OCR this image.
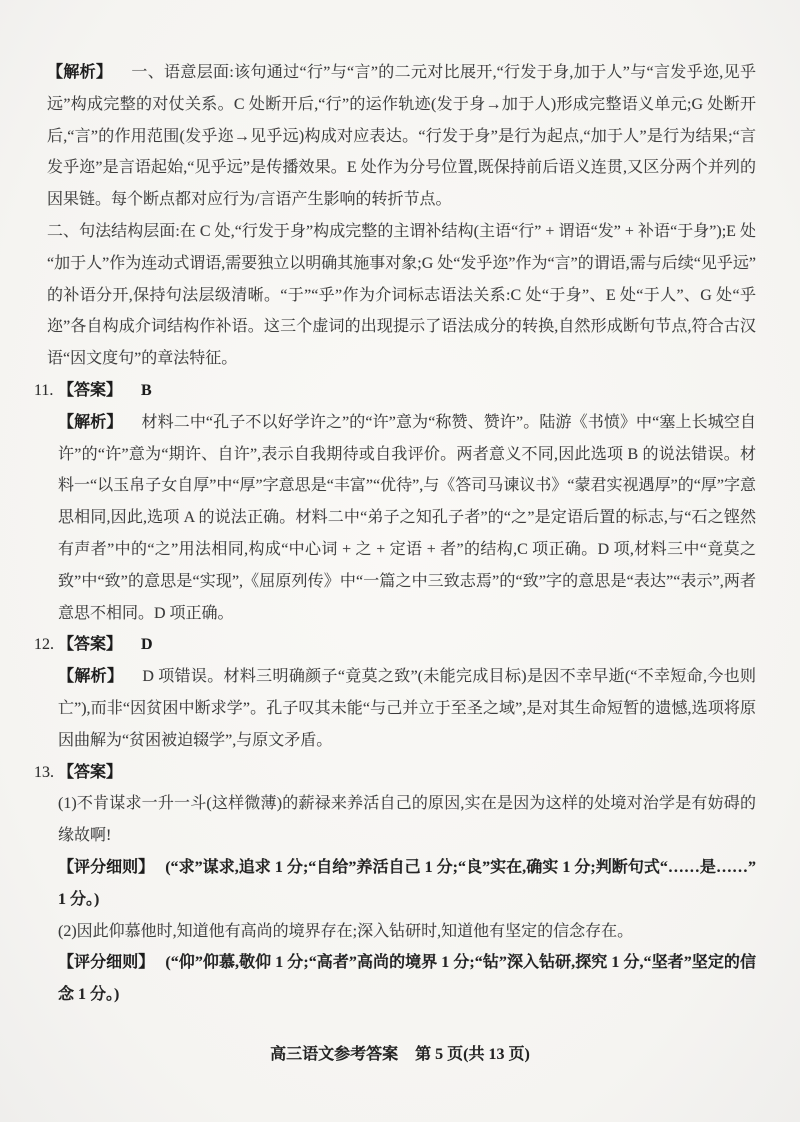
【解析】 一、语意层面:该句通过“行”与“言”的二元对比展开,“行发于身,加于人”与“言发乎迩,见乎远”构成完整的对仗关系。C 处断开后,“行”的运作轨迹(发于身→加于人)形成完整语义单元;G 处断开后,“言”的作用范围(发乎迩→见乎远)构成对应表达。“行发于身”是行为起点,“加于人”是行为结果;“言发乎迩”是言语起始,“见乎远”是传播效果。E 处作为分号位置,既保持前后语义连贯,又区分两个并列的因果链。每个断点都对应行为/言语产生影响的转折节点。

二、句法结构层面:在 C 处,“行发于身”构成完整的主谓补结构(主语“行” + 谓语“发” + 补语“于身”);E 处“加于人”作为连动式谓语,需要独立以明确其施事对象;G 处“发乎迩”作为“言”的谓语,需与后续“见乎远”的补语分开,保持句法层级清晰。“于”“乎”作为介词标志语法关系:C 处“于身”、E 处“于人”、G 处“乎迩”各自构成介词结构作补语。这三个虚词的出现提示了语法成分的转换,自然形成断句节点,符合古汉语“因文度句”的章法特征。

11. 【答案】 B

【解析】 材料二中“孔子不以好学许之”的“许”意为“称赞、赞许”。陆游《书愤》中“塞上长城空自许”的“许”意为“期许、自许”,表示自我期待或自我评价。两者意义不同,因此选项 B 的说法错误。材料一“以玉帛子女自厚”中“厚”字意思是“丰富”“优待”,与《答司马谏议书》“蒙君实视遇厚”的“厚”字意思相同,因此,选项 A 的说法正确。材料二中“弟子之知孔子者”的“之”是定语后置的标志,与“石之铿然有声者”中的“之”用法相同,构成“中心词 + 之 + 定语 + 者”的结构,C 项正确。D 项,材料三中“竟莫之致”中“致”的意思是“实现”,《屈原列传》中“一篇之中三致志焉”的“致”字的意思是“表达”“表示”,两者意思不相同。D 项正确。

12. 【答案】 D

【解析】 D 项错误。材料三明确颜子“竟莫之致”(未能完成目标)是因不幸早逝(“不幸短命,今也则亡”),而非“因贫困中断求学”。孔子叹其未能“与己并立于至圣之域”,是对其生命短暂的遗憾,选项将原因曲解为“贫困被迫辍学”,与原文矛盾。

13. 【答案】

(1)不肯谋求一升一斗(这样微薄)的薪禄来养活自己的原因,实在是因为这样的处境对治学是有妨碍的缘故啊!

【评分细则】 (“求”谋求,追求 1 分;“自给”养活自己 1 分;“良”实在,确实 1 分;判断句式“……是……”1 分。)

(2)因此仰慕他时,知道他有高尚的境界存在;深入钻研时,知道他有坚定的信念存在。

【评分细则】 (“仰”仰慕,敬仰 1 分;“高者”高尚的境界 1 分;“钻”深入钻研,探究 1 分,“坚者”坚定的信念 1 分。)

高三语文参考答案 第 5 页(共 13 页)
